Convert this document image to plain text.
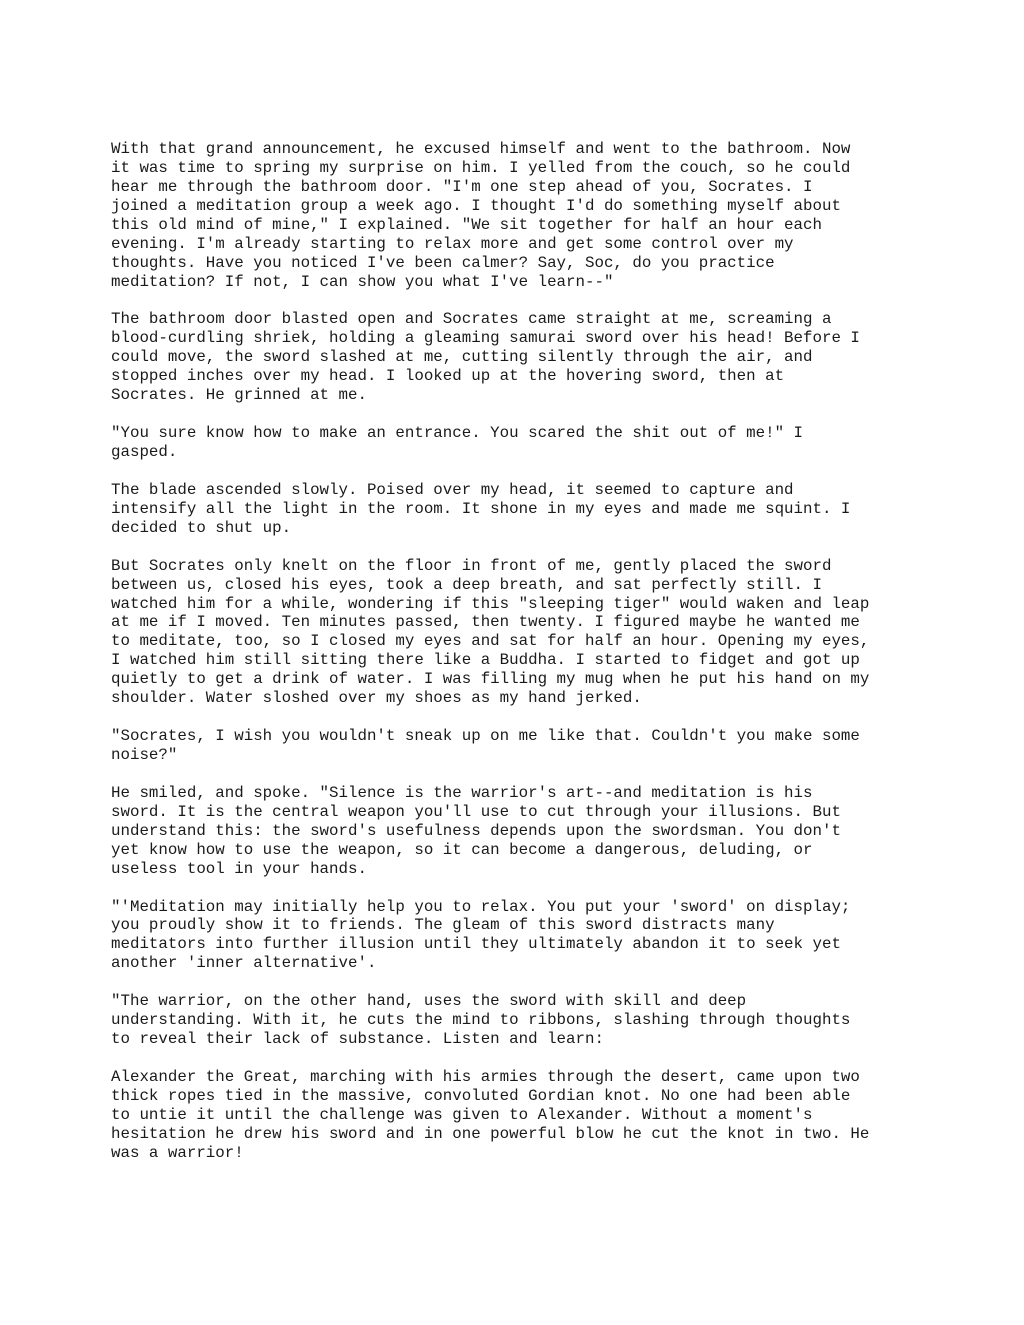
With that grand announcement, he excused himself and went to the bathroom. Now
it was time to spring my surprise on him. I yelled from the couch, so he could
hear me through the bathroom door. "I'm one step ahead of you, Socrates. I
joined a meditation group a week ago. I thought I'd do something myself about
this old mind of mine," I explained. "We sit together for half an hour each
evening. I'm already starting to relax more and get some control over my
thoughts. Have you noticed I've been calmer? Say, Soc, do you practice
meditation? If not, I can show you what I've learn--"
The bathroom door blasted open and Socrates came straight at me, screaming a
blood-curdling shriek, holding a gleaming samurai sword over his head! Before I
could move, the sword slashed at me, cutting silently through the air, and
stopped inches over my head. I looked up at the hovering sword, then at
Socrates. He grinned at me.
"You sure know how to make an entrance. You scared the shit out of me!" I
gasped.
The blade ascended slowly. Poised over my head, it seemed to capture and
intensify all the light in the room. It shone in my eyes and made me squint. I
decided to shut up.
But Socrates only knelt on the floor in front of me, gently placed the sword
between us, closed his eyes, took a deep breath, and sat perfectly still. I
watched him for a while, wondering if this "sleeping tiger" would waken and leap
at me if I moved. Ten minutes passed, then twenty. I figured maybe he wanted me
to meditate, too, so I closed my eyes and sat for half an hour. Opening my eyes,
I watched him still sitting there like a Buddha. I started to fidget and got up
quietly to get a drink of water. I was filling my mug when he put his hand on my
shoulder. Water sloshed over my shoes as my hand jerked.
"Socrates, I wish you wouldn't sneak up on me like that. Couldn't you make some
noise?"
He smiled, and spoke. "Silence is the warrior's art--and meditation is his
sword. It is the central weapon you'll use to cut through your illusions. But
understand this: the sword's usefulness depends upon the swordsman. You don't
yet know how to use the weapon, so it can become a dangerous, deluding, or
useless tool in your hands.
"'Meditation may initially help you to relax. You put your 'sword' on display;
you proudly show it to friends. The gleam of this sword distracts many
meditators into further illusion until they ultimately abandon it to seek yet
another 'inner alternative'.
"The warrior, on the other hand, uses the sword with skill and deep
understanding. With it, he cuts the mind to ribbons, slashing through thoughts
to reveal their lack of substance. Listen and learn:
Alexander the Great, marching with his armies through the desert, came upon two
thick ropes tied in the massive, convoluted Gordian knot. No one had been able
to untie it until the challenge was given to Alexander. Without a moment's
hesitation he drew his sword and in one powerful blow he cut the knot in two. He
was a warrior!
